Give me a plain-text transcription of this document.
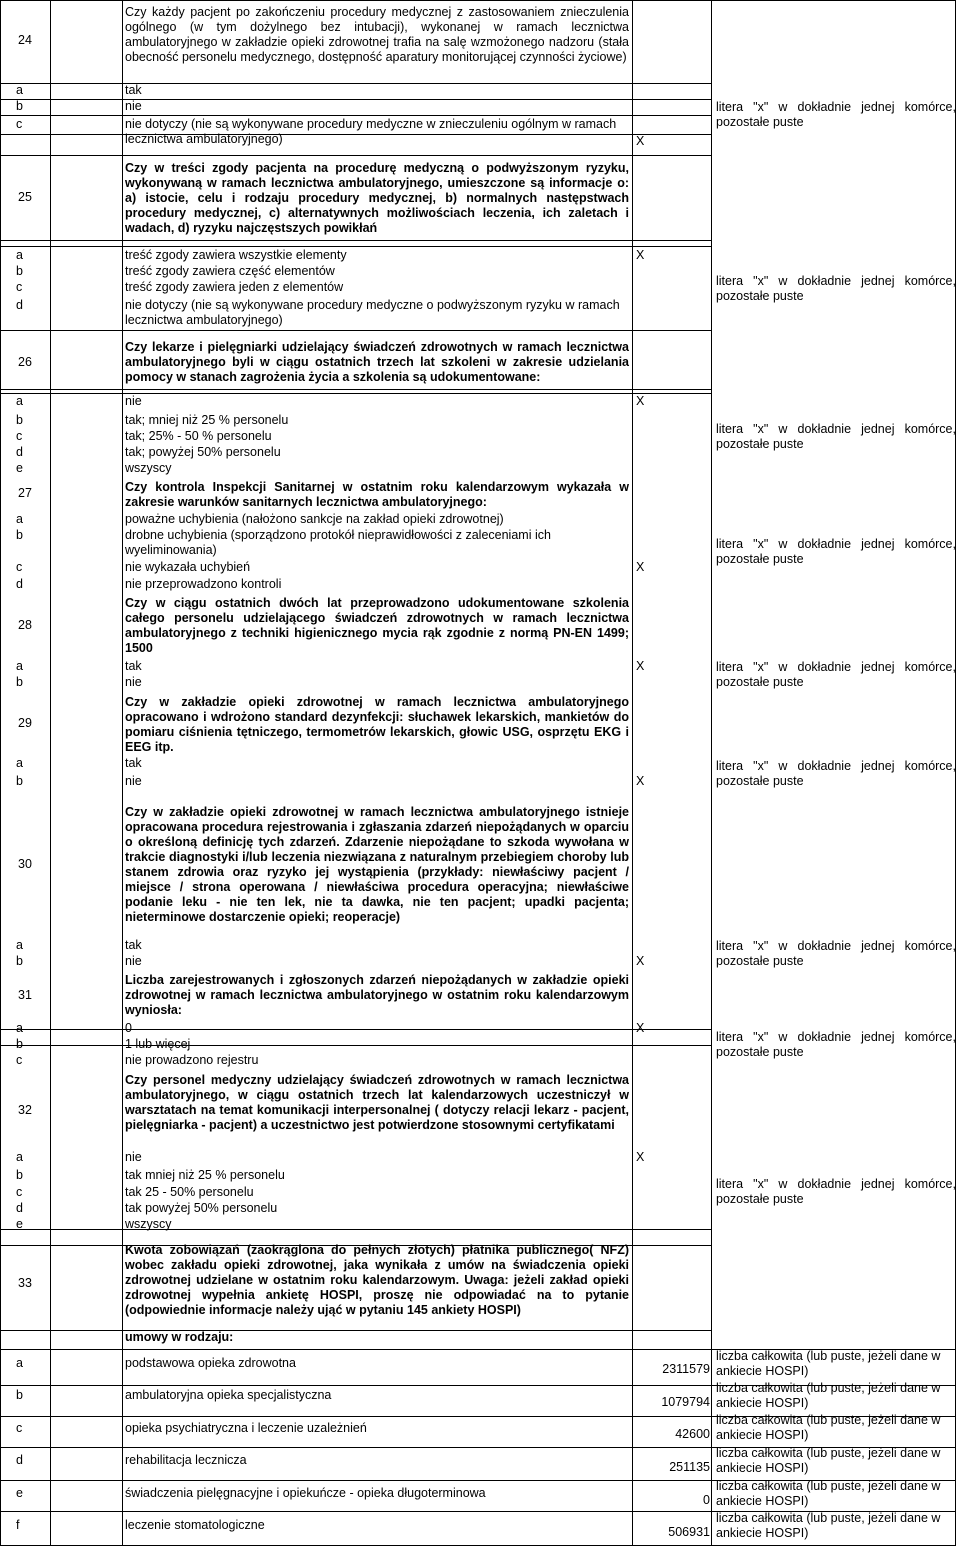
24
Czy każdy pacjent po zakończeniu procedury medycznej z zastosowaniem znieczulenia ogólnego (w tym dożylnego bez intubacji), wykonanej w ramach lecznictwa ambulatoryjnego w zakładzie opieki zdrowotnej trafia na salę wzmożonego nadzoru (stała obecność personelu medycznego, dostępność aparatury monitorującej czynności życiowe)
a	tak
b	nie
c	nie dotyczy (nie są wykonywane procedury medyczne w znieczuleniu ogólnym w ramach lecznictwa ambulatoryjnego)	X
litera "x" w dokładnie jednej komórce,
pozostałe puste
25
Czy w treści zgody pacjenta na procedurę medyczną o podwyższonym ryzyku, wykonywaną w ramach lecznictwa ambulatoryjnego, umieszczone są informacje o: a) istocie, celu i rodzaju procedury medycznej, b) normalnych następstwach procedury medycznej, c) alternatywnych możliwościach leczenia, ich zaletach i wadach, d) ryzyku najczęstszych powikłań
a	treść zgody zawiera wszystkie elementy	X
b	treść zgody zawiera część elementów
c	treść zgody zawiera jeden z elementów
d	nie dotyczy (nie są wykonywane procedury medyczne o podwyższonym ryzyku w ramach lecznictwa ambulatoryjnego)
litera "x" w dokładnie jednej komórce,
pozostałe puste
26
Czy lekarze i pielęgniarki udzielający świadczeń zdrowotnych w ramach lecznictwa ambulatoryjnego byli w ciągu ostatnich trzech lat szkoleni w zakresie udzielania pomocy w stanach zagrożenia życia a szkolenia są udokumentowane:
a	nie	X
b	tak; mniej niż 25 % personelu
c	tak; 25% - 50 % personelu
d	tak; powyżej 50% personelu
e	wszyscy
litera "x" w dokładnie jednej komórce,
pozostałe puste
27	Czy kontrola Inspekcji Sanitarnej w ostatnim roku kalendarzowym wykazała w zakresie warunków sanitarnych lecznictwa ambulatoryjnego:
a	poważne uchybienia (nałożono sankcje na zakład opieki zdrowotnej)
b	drobne uchybienia (sporządzono protokół nieprawidłowości z zaleceniami ich wyeliminowania)
c	nie wykazała uchybień	X
d	nie przeprowadzono kontroli
litera "x" w dokładnie jednej komórce,
pozostałe puste
28
Czy w ciągu ostatnich dwóch lat przeprowadzono udokumentowane szkolenia całego personelu udzielającego świadczeń zdrowotnych w ramach lecznictwa ambulatoryjnego z techniki higienicznego mycia rąk zgodnie z normą PN-EN 1499; 1500
a	tak	X
b	nie
litera "x" w dokładnie jednej komórce,
pozostałe puste
29
Czy w zakładzie opieki zdrowotnej w ramach lecznictwa ambulatoryjnego opracowano i wdrożono standard dezynfekcji: słuchawek lekarskich, mankietów do pomiaru ciśnienia tętniczego, termometrów lekarskich, głowic USG, osprzętu EKG i EEG itp.
a	tak
b	nie	X
litera "x" w dokładnie jednej komórce,
pozostałe puste
30
Czy w zakładzie opieki zdrowotnej w ramach lecznictwa ambulatoryjnego istnieje opracowana procedura rejestrowania i zgłaszania zdarzeń niepożądanych w oparciu o określoną definicję tych zdarzeń. Zdarzenie niepożądane to szkoda wywołana w trakcie diagnostyki i/lub leczenia niezwiązana z naturalnym przebiegiem choroby lub stanem zdrowia oraz ryzyko jej wystąpienia (przykłady: niewłaściwy pacjent / miejsce / strona operowana / niewłaściwa procedura operacyjna; niewłaściwe podanie leku - nie ten lek, nie ta dawka, nie ten pacjent; upadki pacjenta; nieterminowe dostarczenie opieki; reoperacje)
a	tak
b	nie	X
litera "x" w dokładnie jednej komórce,
pozostałe puste
31
Liczba zarejestrowanych i zgłoszonych zdarzeń niepożądanych w zakładzie opieki zdrowotnej w ramach lecznictwa ambulatoryjnego w ostatnim roku kalendarzowym wyniosła:
a	0	X
b	1 lub więcej
c	nie prowadzono rejestru
litera "x" w dokładnie jednej komórce,
pozostałe puste
32
Czy personel medyczny udzielający świadczeń zdrowotnych w ramach lecznictwa ambulatoryjnego, w ciągu ostatnich trzech lat kalendarzowych uczestniczył w warsztatach na temat komunikacji interpersonalnej ( dotyczy relacji lekarz - pacjent, pielęgniarka - pacjent) a uczestnictwo jest potwierdzone stosownymi certyfikatami
a	nie	X
b	tak mniej niż 25 % personelu
c	tak 25 - 50% personelu
d	tak powyżej 50% personelu
e	wszyscy
litera "x" w dokładnie jednej komórce,
pozostałe puste
33
Kwota zobowiązań (zaokrąglona do pełnych złotych) płatnika publicznego( NFZ) wobec zakładu opieki zdrowotnej, jaka wynikała z umów na świadczenia opieki zdrowotnej udzielane w ostatnim roku kalendarzowym. Uwaga: jeżeli zakład opieki zdrowotnej wypełnia ankietę HOSPI, proszę nie odpowiadać na to pytanie (odpowiednie informacje należy ująć w pytaniu 145 ankiety HOSPI)
umowy w rodzaju:
a	podstawowa opieka zdrowotna	2311579
liczba całkowita (lub puste, jeżeli dane w
ankiecie HOSPI)
b	ambulatoryjna opieka specjalistyczna	1079794
liczba całkowita (lub puste, jeżeli dane w
ankiecie HOSPI)
c	opieka psychiatryczna i leczenie uzależnień	42600
liczba całkowita (lub puste, jeżeli dane w
ankiecie HOSPI)
d	rehabilitacja lecznicza	251135
liczba całkowita (lub puste, jeżeli dane w
ankiecie HOSPI)
e	świadczenia pielęgnacyjne i opiekuńcze - opieka długoterminowa	0
liczba całkowita (lub puste, jeżeli dane w
ankiecie HOSPI)
f	leczenie stomatologiczne	506931
liczba całkowita (lub puste, jeżeli dane w
ankiecie HOSPI)
